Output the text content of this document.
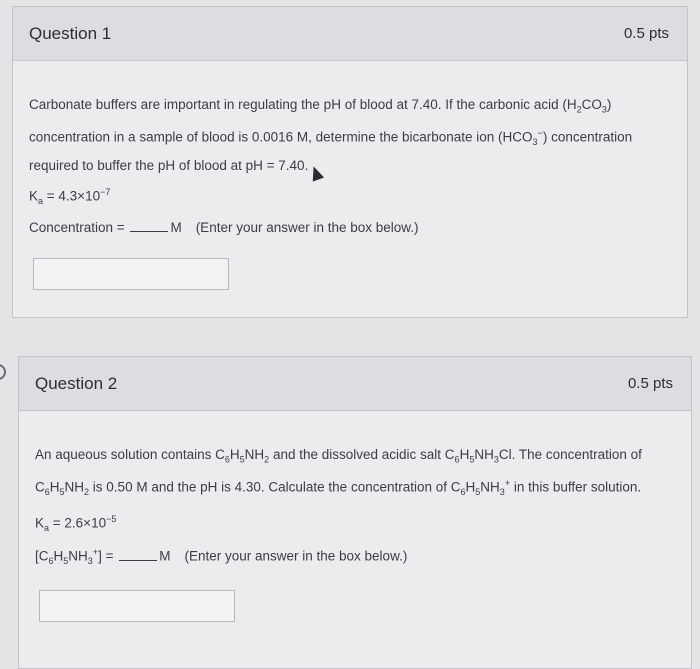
Question 1	0.5 pts

Carbonate buffers are important in regulating the pH of blood at 7.40. If the carbonic acid $(H_2CO_3)$ concentration in a sample of blood is 0.0016 M, determine the bicarbonate ion $(HCO_3^-)$ concentration required to buffer the pH of blood at pH = 7.40.

$K_a = 4.3\times 10^{-7}$
Concentration =	M (Enter your answer in the box below.)
Question 2	0.5 pts

An aqueous solution contains $C_6H_5NH_2$ and the dissolved acidic salt $C_6H_5NH_3Cl$. The concentration of $C_6H_5NH_2$ is 0.50 M and the pH is 4.30. Calculate the concentration of $C_6H_5NH_3^+$ in this buffer solution.

$K_a = 2.6\times 10^{-5}$
$[C_6H_5NH_3^+]$ =	M (Enter your answer in the box below.)
